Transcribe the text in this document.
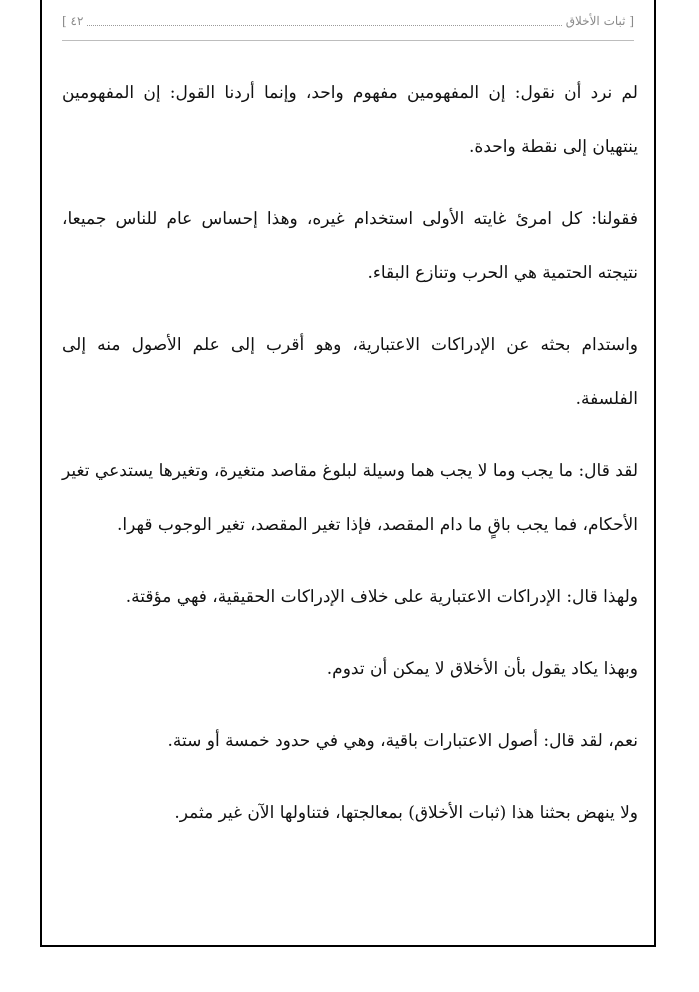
[ ثبات الأخلاق
٤٢ ]

لم نرد أن نقول: إن المفهومين مفهوم واحد، وإنما أردنا القول: إن المفهومين ينتهيان إلى نقطة واحدة.

فقولنا: كل امرئ غايته الأولى استخدام غيره، وهذا إحساس عام للناس جميعا، نتيجته الحتمية هي الحرب وتنازع البقاء.

واستدام بحثه عن الإدراكات الاعتبارية، وهو أقرب إلى علم الأصول منه إلى الفلسفة.

لقد قال: ما يجب وما لا يجب هما وسيلة لبلوغ مقاصد متغيرة، وتغيرها يستدعي تغير الأحكام، فما يجب باقٍ ما دام المقصد، فإذا تغير المقصد، تغير الوجوب قهرا.

ولهذا قال: الإدراكات الاعتبارية على خلاف الإدراكات الحقيقية، فهي مؤقتة.

وبهذا يكاد يقول بأن الأخلاق لا يمكن أن تدوم.

نعم، لقد قال: أصول الاعتبارات باقية، وهي في حدود خمسة أو ستة.

ولا ينهض بحثنا هذا (ثبات الأخلاق) بمعالجتها، فتناولها الآن غير مثمر.
